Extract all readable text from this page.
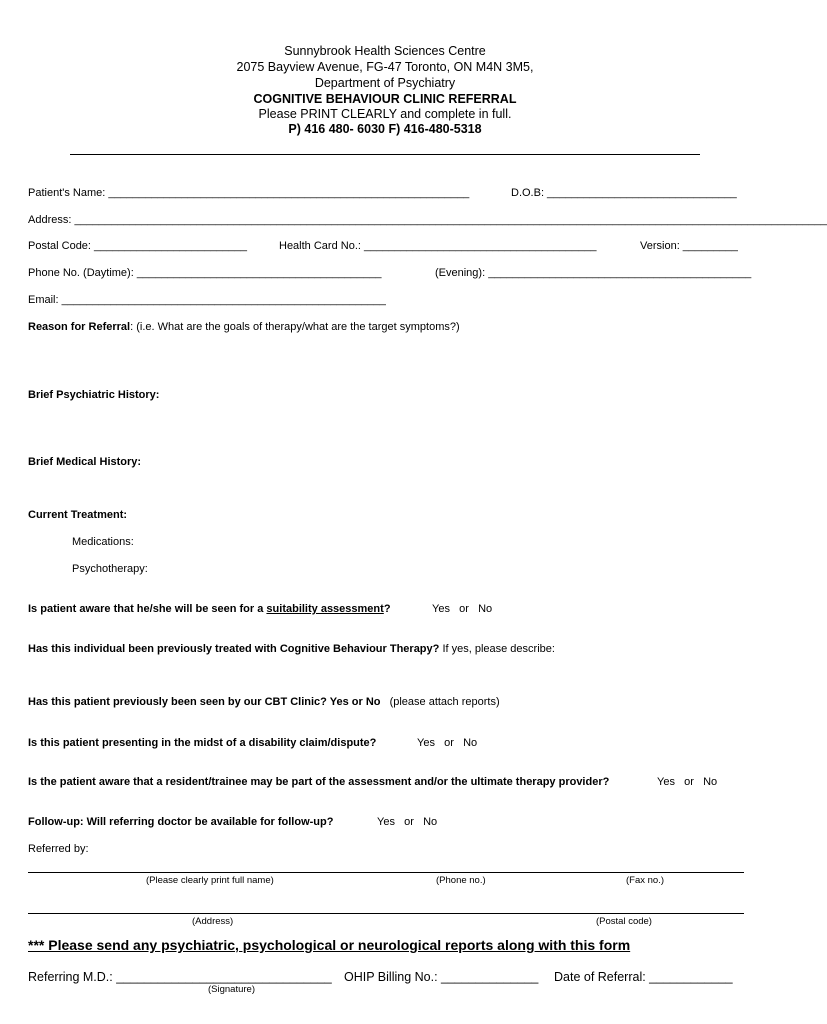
Sunnybrook Health Sciences Centre
2075 Bayview Avenue, FG-47 Toronto, ON M4N 3M5,
Department of Psychiatry
COGNITIVE BEHAVIOUR CLINIC REFERRAL
Please PRINT CLEARLY and complete in full.
P) 416 480- 6030 F) 416-480-5318
Patient's Name: ___________________________________________________________	D.O.B: _______________________________
Address: ___________________________________________________________________________________________________________________________
Postal Code: _________________________	Health Card No.: ______________________________________	Version: _________
Phone No. (Daytime): ________________________________________	(Evening): ___________________________________________
Email: _____________________________________________________
Reason for Referral: (i.e. What are the goals of therapy/what are the target symptoms?)
Brief Psychiatric History:
Brief Medical History:
Current Treatment:
Medications:
Psychotherapy:
Is patient aware that he/she will be seen for a suitability assessment?	Yes   or   No
Has this individual been previously treated with Cognitive Behaviour Therapy? If yes, please describe:
Has this patient previously been seen by our CBT Clinic? Yes or No (please attach reports)
Is this patient presenting in the midst of a disability claim/dispute?	Yes   or   No
Is the patient aware that a resident/trainee may be part of the assessment and/or the ultimate therapy provider?	Yes   or   No
Follow-up: Will referring doctor be available for follow-up?	Yes   or   No
Referred by:
(Please clearly print full name)	(Phone no.)	(Fax no.)
(Address)	(Postal code)
*** Please send any psychiatric, psychological or neurological reports along with this form
Referring M.D.: _______________________________ OHIP Billing No.: ______________ Date of Referral: ____________
(Signature)
